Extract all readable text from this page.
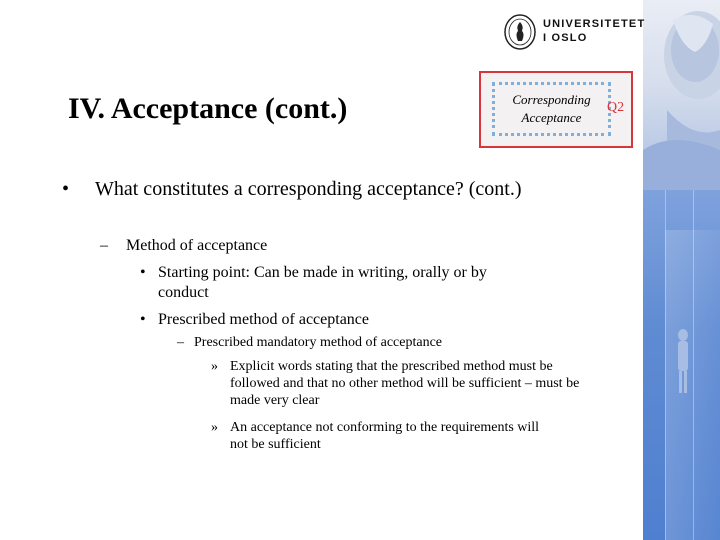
UNIVERSITETET
I OSLO
IV. Acceptance (cont.)	Corresponding
Acceptance
Q2
• What constitutes a corresponding acceptance? (cont.)
– Method of acceptance
• Starting point: Can be made in writing, orally or by conduct
• Prescribed method of acceptance
– Prescribed mandatory method of acceptance
» Explicit words stating that the prescribed method must be followed and that no other method will be sufficient – must be made very clear
» An acceptance not conforming to the requirements will not be sufficient
